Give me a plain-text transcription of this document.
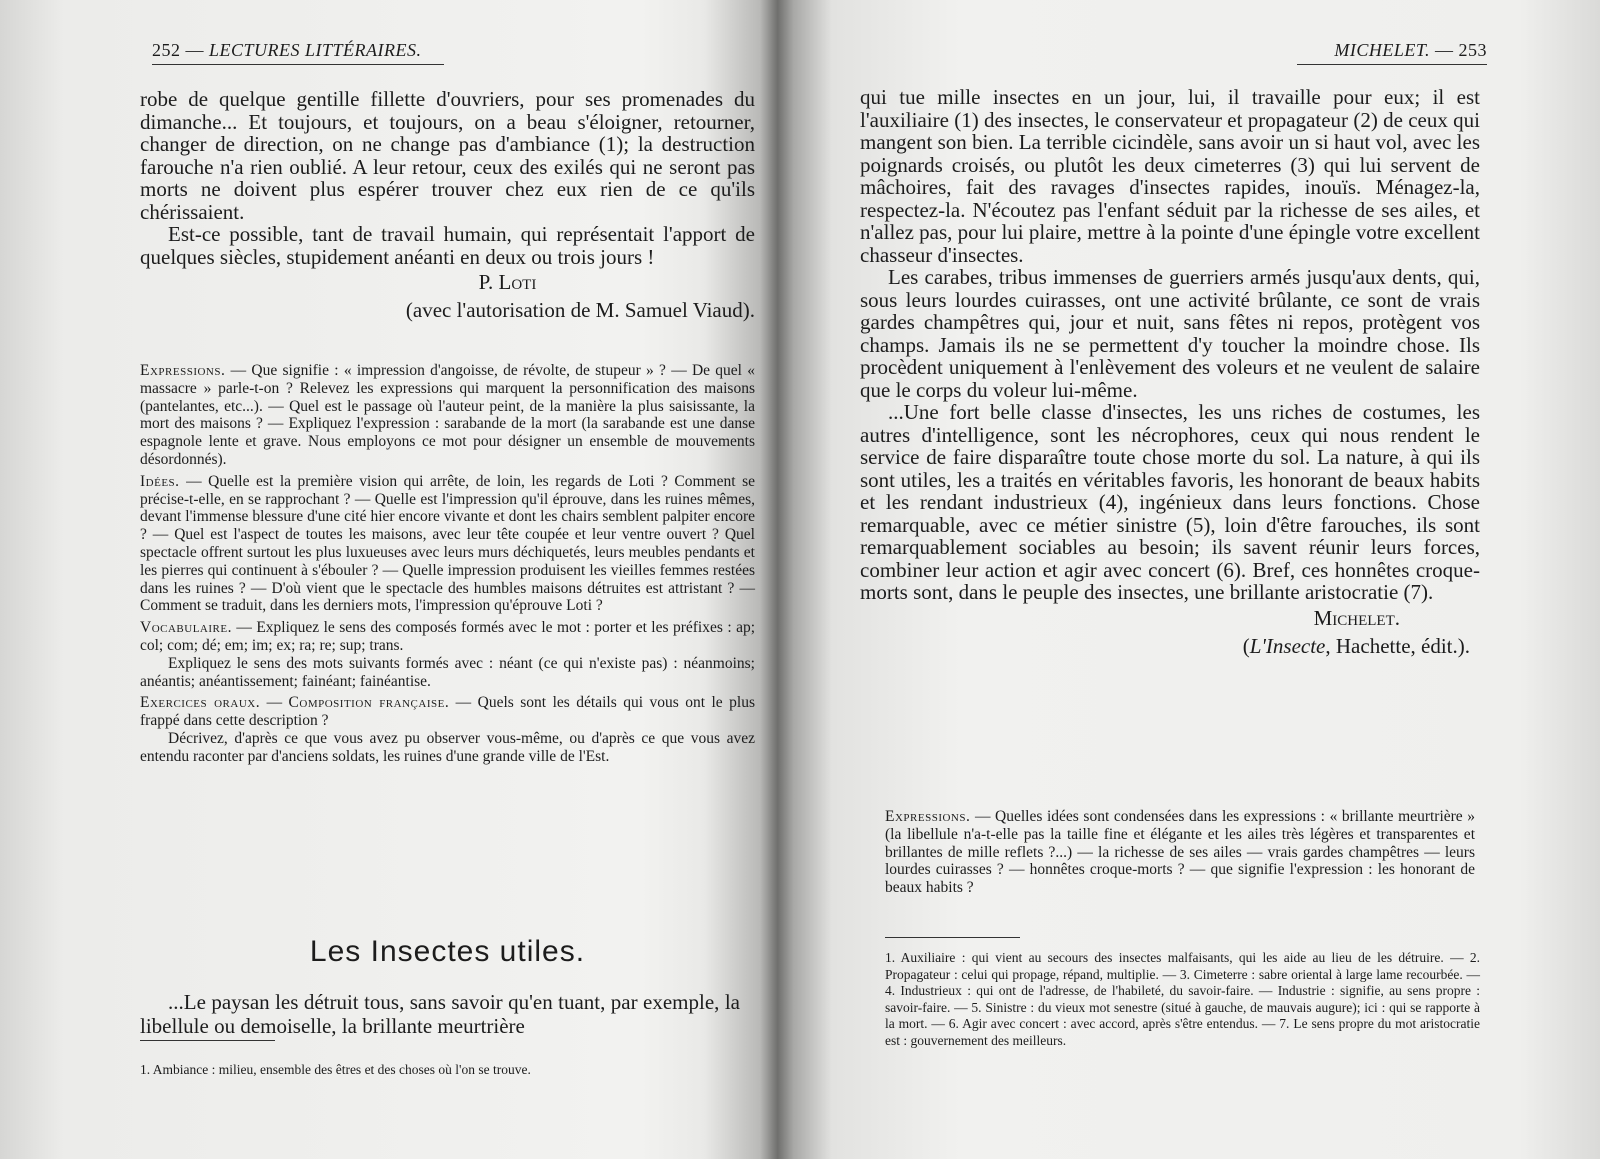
252 — LECTURES LITTÉRAIRES.

robe de quelque gentille fillette d'ouvriers, pour ses promenades du dimanche... Et toujours, et toujours, on a beau s'éloigner, retourner, changer de direction, on ne change pas d'ambiance (1); la destruction farouche n'a rien oublié. A leur retour, ceux des exilés qui ne seront pas morts ne doivent plus espérer trouver chez eux rien de ce qu'ils chérissaient.

Est-ce possible, tant de travail humain, qui représentait l'apport de quelques siècles, stupidement anéanti en deux ou trois jours !

P. Loti
(avec l'autorisation de M. Samuel Viaud).

Expressions. — Que signifie : « impression d'angoisse, de révolte, de stupeur » ? — De quel « massacre » parle-t-on ? Relevez les expressions qui marquent la personnification des maisons (pantelantes, etc...). — Quel est le passage où l'auteur peint, de la manière la plus saisissante, la mort des maisons ? — Expliquez l'expression : sarabande de la mort (la sarabande est une danse espagnole lente et grave. Nous employons ce mot pour désigner un ensemble de mouvements désordonnés).

Idées. — Quelle est la première vision qui arrête, de loin, les regards de Loti ? Comment se précise-t-elle, en se rapprochant ? — Quelle est l'impression qu'il éprouve, dans les ruines mêmes, devant l'immense blessure d'une cité hier encore vivante et dont les chairs semblent palpiter encore ? — Quel est l'aspect de toutes les maisons, avec leur tête coupée et leur ventre ouvert ? Quel spectacle offrent surtout les plus luxueuses avec leurs murs déchiquetés, leurs meubles pendants et les pierres qui continuent à s'ébouler ? — Quelle impression produisent les vieilles femmes restées dans les ruines ? — D'où vient que le spectacle des humbles maisons détruites est attristant ? — Comment se traduit, dans les derniers mots, l'impression qu'éprouve Loti ?

Vocabulaire. — Expliquez le sens des composés formés avec le mot : porter et les préfixes : ap; col; com; dé; em; im; ex; ra; re; sup; trans.

Expliquez le sens des mots suivants formés avec : néant (ce qui n'existe pas) : néanmoins; anéantis; anéantissement; fainéant; fainéantise.

Exercices oraux. — Composition française. — Quels sont les détails qui vous ont le plus frappé dans cette description ?

Décrivez, d'après ce que vous avez pu observer vous-même, ou d'après ce que vous avez entendu raconter par d'anciens soldats, les ruines d'une grande ville de l'Est.

Les Insectes utiles.

...Le paysan les détruit tous, sans savoir qu'en tuant, par exemple, la libellule ou demoiselle, la brillante meurtrière

1. Ambiance : milieu, ensemble des êtres et des choses où l'on se trouve.
MICHELET. — 253

qui tue mille insectes en un jour, lui, il travaille pour eux; il est l'auxiliaire (1) des insectes, le conservateur et propagateur (2) de ceux qui mangent son bien. La terrible cicindèle, sans avoir un si haut vol, avec les poignards croisés, ou plutôt les deux cimeterres (3) qui lui servent de mâchoires, fait des ravages d'insectes rapides, inouïs. Ménagez-la, respectez-la. N'écoutez pas l'enfant séduit par la richesse de ses ailes, et n'allez pas, pour lui plaire, mettre à la pointe d'une épingle votre excellent chasseur d'insectes.

Les carabes, tribus immenses de guerriers armés jusqu'aux dents, qui, sous leurs lourdes cuirasses, ont une activité brûlante, ce sont de vrais gardes champêtres qui, jour et nuit, sans fêtes ni repos, protègent vos champs. Jamais ils ne se permettent d'y toucher la moindre chose. Ils procèdent uniquement à l'enlèvement des voleurs et ne veulent de salaire que le corps du voleur lui-même.

...Une fort belle classe d'insectes, les uns riches de costumes, les autres d'intelligence, sont les nécrophores, ceux qui nous rendent le service de faire disparaître toute chose morte du sol. La nature, à qui ils sont utiles, les a traités en véritables favoris, les honorant de beaux habits et les rendant industrieux (4), ingénieux dans leurs fonctions. Chose remarquable, avec ce métier sinistre (5), loin d'être farouches, ils sont remarquablement sociables au besoin; ils savent réunir leurs forces, combiner leur action et agir avec concert (6). Bref, ces honnêtes croque-morts sont, dans le peuple des insectes, une brillante aristocratie (7).

Michelet.
(L'Insecte, Hachette, édit.).

Expressions. — Quelles idées sont condensées dans les expressions : « brillante meurtrière » (la libellule n'a-t-elle pas la taille fine et élégante et les ailes très légères et transparentes et brillantes de mille reflets ?...) — la richesse de ses ailes — vrais gardes champêtres — leurs lourdes cuirasses ? — honnêtes croque-morts ? — que signifie l'expression : les honorant de beaux habits ?

1. Auxiliaire : qui vient au secours des insectes malfaisants, qui les aide au lieu de les détruire. — 2. Propagateur : celui qui propage, répand, multiplie. — 3. Cimeterre : sabre oriental à large lame recourbée. — 4. Industrieux : qui ont de l'adresse, de l'habileté, du savoir-faire. — Industrie : signifie, au sens propre : savoir-faire. — 5. Sinistre : du vieux mot senestre (situé à gauche, de mauvais augure); ici : qui se rapporte à la mort. — 6. Agir avec concert : avec accord, après s'être entendus. — 7. Le sens propre du mot aristocratie est : gouvernement des meilleurs.
